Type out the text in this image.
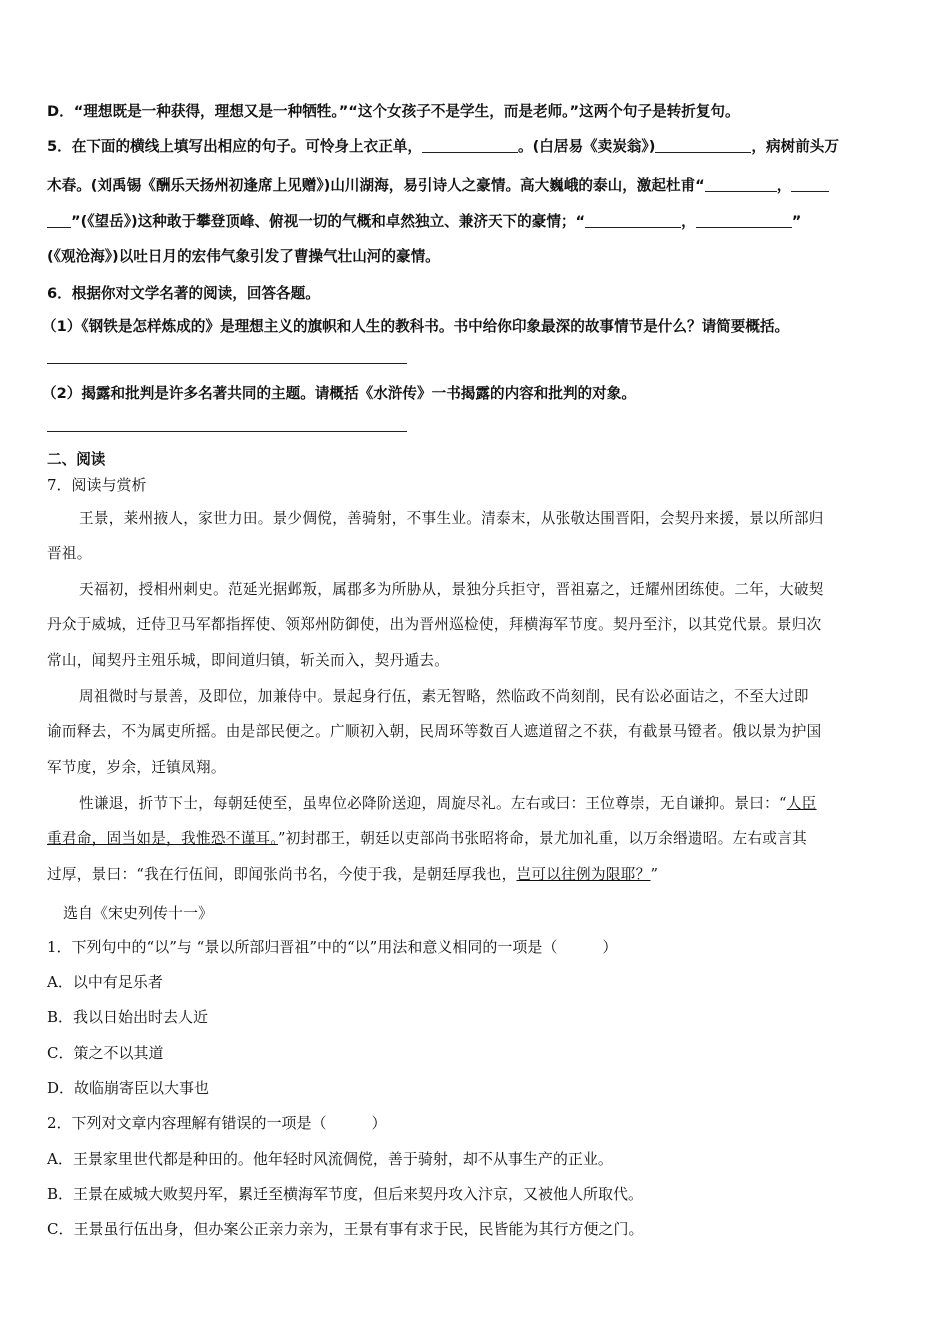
D．“理想既是一种获得，理想又是一种牺牲。”“这个女孩子不是学生，而是老师。”这两个句子是转折复句。
5．在下面的横线上填写出相应的句子。可怜身上衣正单，	。(白居易《卖炭翁》)	，病树前头万
木春。(刘禹锡《酬乐天扬州初逢席上见赠》)山川湖海，易引诗人之豪情。高大巍峨的泰山，激起杜甫“	，
”(《望岳》)这种敢于攀登顶峰、俯视一切的气概和卓然独立、兼济天下的豪情；“	，	”
(《观沧海》)以吐日月的宏伟气象引发了曹操气壮山河的豪情。
6．根据你对文学名著的阅读，回答各题。
（1）《钢铁是怎样炼成的》是理想主义的旗帜和人生的教科书。书中给你印象最深的故事情节是什么？请简要概括。
（2）揭露和批判是许多名著共同的主题。请概括《水浒传》一书揭露的内容和批判的对象。
二、阅读
7．阅读与赏析
王景，莱州掖人，家世力田。景少倜傥，善骑射，不事生业。清泰末，从张敬达围晋阳，会契丹来援，景以所部归
晋祖。
天福初，授相州刺史。范延光据邺叛，属郡多为所胁从，景独分兵拒守，晋祖嘉之，迁耀州团练使。二年，大破契
丹众于威城，迁侍卫马军都指挥使、领郑州防御使，出为晋州巡检使，拜横海军节度。契丹至汴，以其党代景。景归次
常山，闻契丹主殂乐城，即间道归镇，斩关而入，契丹遁去。
周祖微时与景善，及即位，加兼侍中。景起身行伍，素无智略，然临政不尚刻削，民有讼必面诘之，不至大过即
谕而释去，不为属吏所摇。由是部民便之。广顺初入朝，民周环等数百人遮道留之不获，有截景马镫者。俄以景为护国
军节度，岁余，迁镇凤翔。
性谦退，折节下士，每朝廷使至，虽卑位必降阶送迎，周旋尽礼。左右或曰：王位尊崇，无自谦抑。景曰：“人臣
重君命，固当如是，我惟恐不谨耳。”初封郡王，朝廷以吏部尚书张昭将命，景尤加礼重，以万余缗遗昭。左右或言其
过厚，景曰：“我在行伍间，即闻张尚书名，今使于我，是朝廷厚我也，岂可以往例为限耶？”
选自《宋史列传十一》
1．下列句中的“以”与 “景以所部归晋祖”中的“以”用法和意义相同的一项是（　　　）
A．以中有足乐者
B．我以日始出时去人近
C．策之不以其道
D．故临崩寄臣以大事也
2．下列对文章内容理解有错误的一项是（　　　）
A．王景家里世代都是种田的。他年轻时风流倜傥，善于骑射，却不从事生产的正业。
B．王景在威城大败契丹军，累迁至横海军节度，但后来契丹攻入汴京，又被他人所取代。
C．王景虽行伍出身，但办案公正亲力亲为，王景有事有求于民，民皆能为其行方便之门。
